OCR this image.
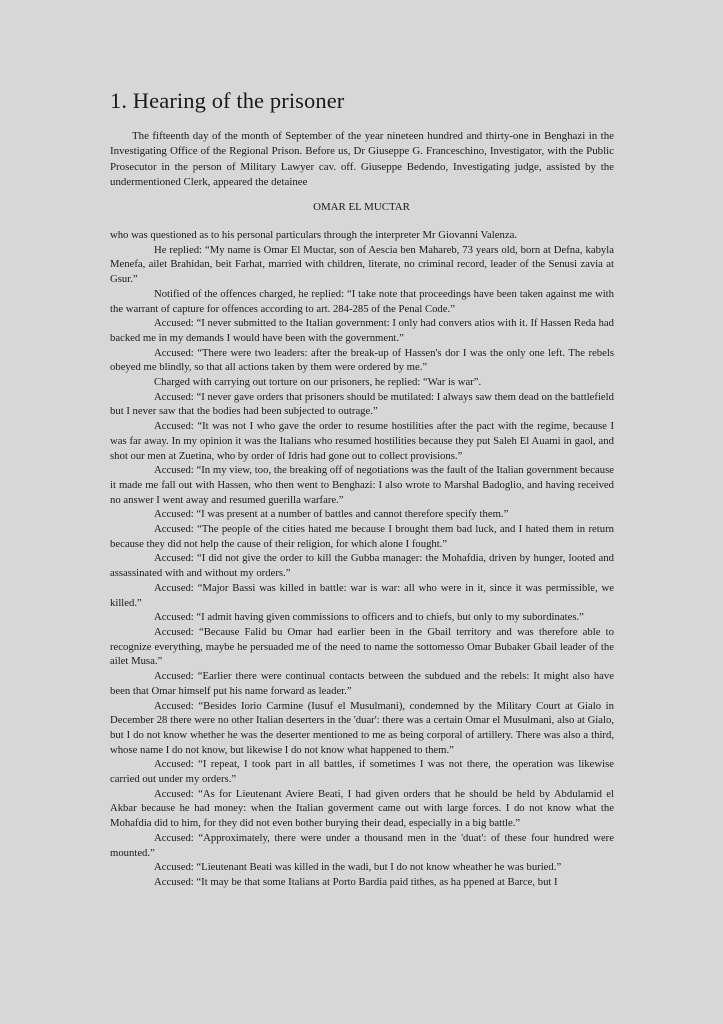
1. Hearing of the prisoner

The fifteenth day of the month of September of the year nineteen hundred and thirty-one in Benghazi in the Investigating Office of the Regional Prison. Before us, Dr Giuseppe G. Franceschino, Investigator, with the Public Prosecutor in the person of Military Lawyer cav. off. Giuseppe Bedendo, Investigating judge, assisted by the undermentioned Clerk, appeared the detainee

OMAR EL MUCTAR

who was questioned as to his personal particulars through the interpreter Mr Giovanni Valenza.

He replied: “My name is Omar El Muctar, son of Aescia ben Mahareb, 73 years old, born at Defna, kabyla Menefa, ailet Brahidan, beit Farhat, married with children, literate, no criminal record, leader of the Senusi zavia at Gsur.”

Notified of the offences charged, he replied: “I take note that proceedings have been taken against me with the warrant of capture for offences according to art. 284-285 of the Penal Code.”

Accused: “I never submitted to the Italian government: I only had convers atios with it. If Hassen Reda had backed me in my demands I would have been with the government.”

Accused: “There were two leaders: after the break-up of Hassen's dor I was the only one left. The rebels obeyed me blindly, so that all actions taken by them were ordered by me.”

Charged with carrying out torture on our prisoners, he replied: “War is war”.

Accused: “I never gave orders that prisoners should be mutilated: I always saw them dead on the battlefield but I never saw that the bodies had been subjected to outrage.”

Accused: “It was not I who gave the order to resume hostilities after the pact with the regime, because I was far away. In my opinion it was the Italians who resumed hostilities because they put Saleh El Auami in gaol, and shot our men at Zuetina, who by order of Idris had gone out to collect provisions.”

Accused: “In my view, too, the breaking off of negotiations was the fault of the Italian government because it made me fall out with Hassen, who then went to Benghazi: I also wrote to Marshal Badoglio, and having received no answer I went away and resumed guerilla warfare.”

Accused: “I was present at a number of battles and cannot therefore specify them.”

Accused: “The people of the cities hated me because I brought them bad luck, and I hated them in return because they did not help the cause of their religion, for which alone I fought.”

Accused: “I did not give the order to kill the Gubba manager: the Mohafdia, driven by hunger, looted and assassinated with and without my orders.”

Accused: “Major Bassi was killed in battle: war is war: all who were in it, since it was permissible, we killed.”

Accused: “I admit having given commissions to officers and to chiefs, but only to my subordinates.”

Accused: “Because Falid bu Omar had earlier been in the Gbail territory and was therefore able to recognize everything, maybe he persuaded me of the need to name the sottomesso Omar Bubaker Gbail leader of the ailet Musa.”

Accused: “Earlier there were continual contacts between the subdued and the rebels: It might also have been that Omar himself put his name forward as leader.”

Accused: “Besides Iorio Carmine (Iusuf el Musulmani), condemned by the Military Court at Gialo in December 28 there were no other Italian deserters in the 'duar': there was a certain Omar el Musulmani, also at Gialo, but I do not know whether he was the deserter mentioned to me as being corporal of artillery. There was also a third, whose name I do not know, but likewise I do not know what happened to them.”

Accused: “I repeat, I took part in all battles, if sometimes I was not there, the operation was likewise carried out under my orders.”

Accused: “As for Lieutenant Aviere Beati, I had given orders that he should be held by Abdulamid el Akbar because he had money: when the Italian goverment came out with large forces. I do not know what the Mohafdia did to him, for they did not even bother burying their dead, especially in a big battle.”

Accused: “Approximately, there were under a thousand men in the 'duat': of these four hundred were mounted.”

Accused: “Lieutenant Beati was killed in the wadi, but I do not know wheather he was buried.”

Accused: “It may be that some Italians at Porto Bardia paid tithes, as ha ppened at Barce, but I
